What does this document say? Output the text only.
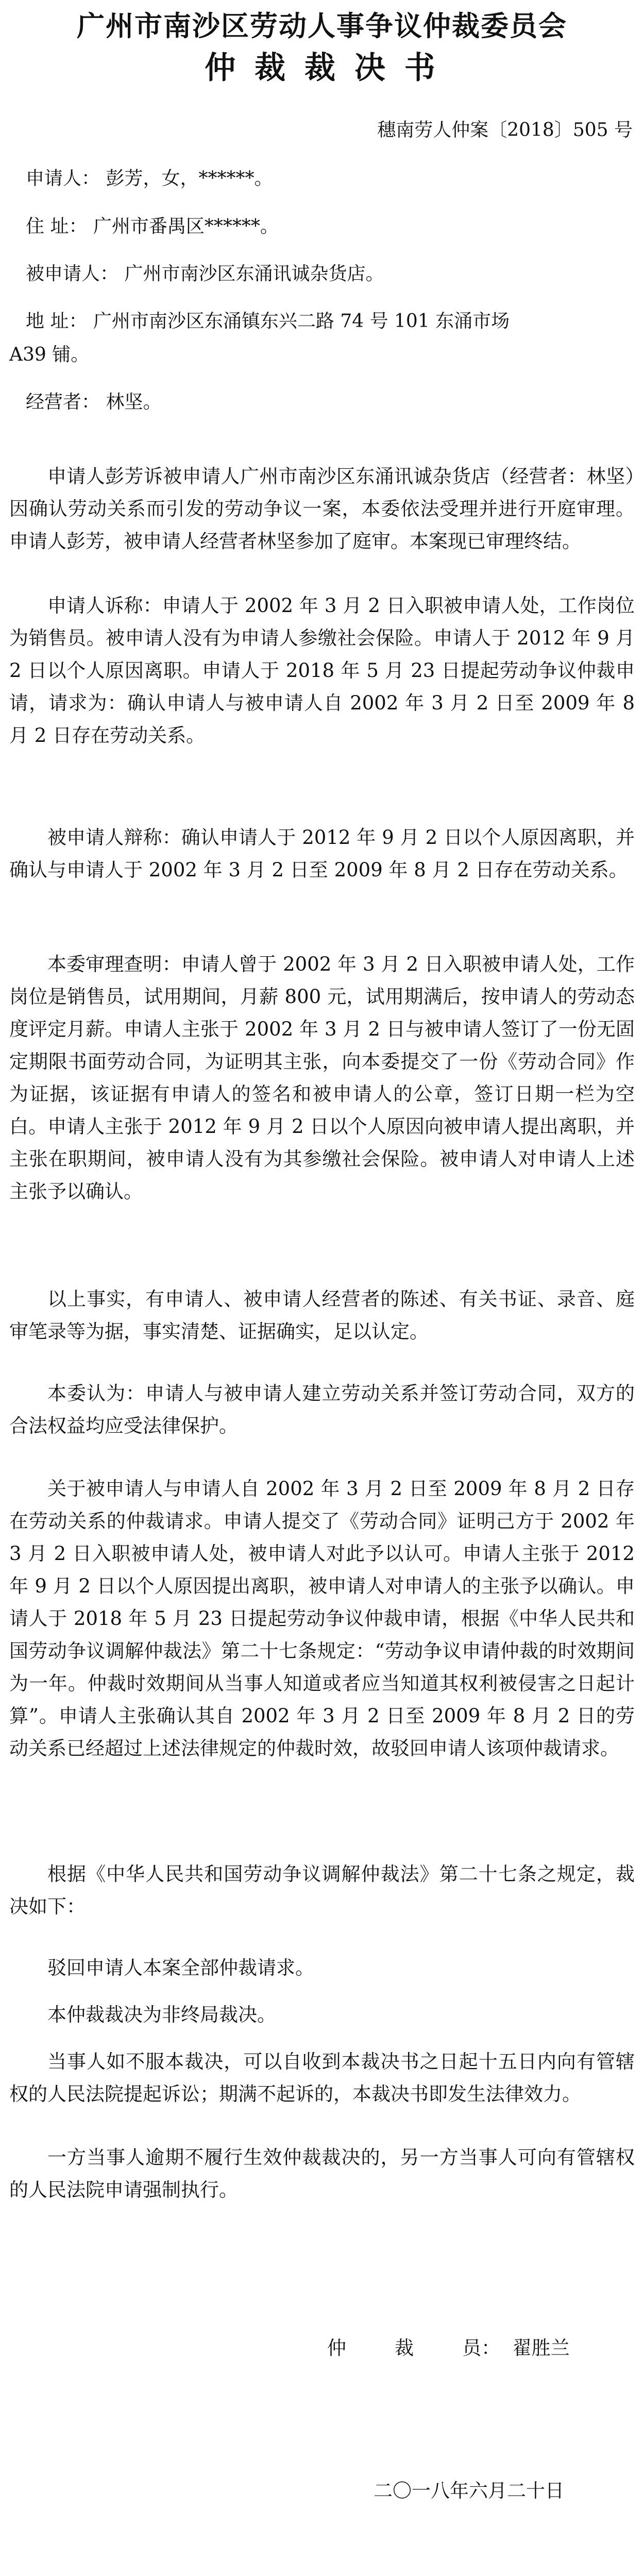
广州市南沙区劳动人事争议仲裁委员会
仲 裁 裁 决 书
穗南劳人仲案〔2018〕505 号
申请人： 彭芳，女，******。
住 址： 广州市番禺区******。
被申请人： 广州市南沙区东涌讯诚杂货店。
地 址： 广州市南沙区东涌镇东兴二路 74 号 101 东涌市场
A39 铺。
经营者： 林坚。

申请人彭芳诉被申请人广州市南沙区东涌讯诚杂货店（经营者：林坚）因确认劳动关系而引发的劳动争议一案，本委依法受理并进行开庭审理。申请人彭芳，被申请人经营者林坚参加了庭审。本案现已审理终结。

申请人诉称：申请人于 2002 年 3 月 2 日入职被申请人处，工作岗位为销售员。被申请人没有为申请人参缴社会保险。申请人于 2012 年 9 月 2 日以个人原因离职。申请人于 2018 年 5 月 23 日提起劳动争议仲裁申请，请求为：确认申请人与被申请人自 2002 年 3 月 2 日至 2009 年 8 月 2 日存在劳动关系。

被申请人辩称：确认申请人于 2012 年 9 月 2 日以个人原因离职，并确认与申请人于 2002 年 3 月 2 日至 2009 年 8 月 2 日存在劳动关系。

本委审理查明：申请人曾于 2002 年 3 月 2 日入职被申请人处，工作岗位是销售员，试用期间，月薪 800 元，试用期满后，按申请人的劳动态度评定月薪。申请人主张于 2002 年 3 月 2 日与被申请人签订了一份无固定期限书面劳动合同，为证明其主张，向本委提交了一份《劳动合同》作为证据，该证据有申请人的签名和被申请人的公章，签订日期一栏为空白。申请人主张于 2012 年 9 月 2 日以个人原因向被申请人提出离职，并主张在职期间，被申请人没有为其参缴社会保险。被申请人对申请人上述主张予以确认。

以上事实，有申请人、被申请人经营者的陈述、有关书证、录音、庭审笔录等为据，事实清楚、证据确实，足以认定。

本委认为：申请人与被申请人建立劳动关系并签订劳动合同，双方的合法权益均应受法律保护。

关于被申请人与申请人自 2002 年 3 月 2 日至 2009 年 8 月 2 日存在劳动关系的仲裁请求。申请人提交了《劳动合同》证明己方于 2002 年 3 月 2 日入职被申请人处，被申请人对此予以认可。申请人主张于 2012 年 9 月 2 日以个人原因提出离职，被申请人对申请人的主张予以确认。申请人于 2018 年 5 月 23 日提起劳动争议仲裁申请，根据《中华人民共和国劳动争议调解仲裁法》第二十七条规定：“劳动争议申请仲裁的时效期间为一年。仲裁时效期间从当事人知道或者应当知道其权利被侵害之日起计算”。申请人主张确认其自 2002 年 3 月 2 日至 2009 年 8 月 2 日的劳动关系已经超过上述法律规定的仲裁时效，故驳回申请人该项仲裁请求。

根据《中华人民共和国劳动争议调解仲裁法》第二十七条之规定，裁决如下：

驳回申请人本案全部仲裁请求。

本仲裁裁决为非终局裁决。

当事人如不服本裁决，可以自收到本裁决书之日起十五日内向有管辖权的人民法院提起诉讼；期满不起诉的，本裁决书即发生法律效力。

一方当事人逾期不履行生效仲裁裁决的，另一方当事人可向有管辖权的人民法院申请强制执行。

仲        裁        员：  翟胜兰
二〇一八年六月二十日
